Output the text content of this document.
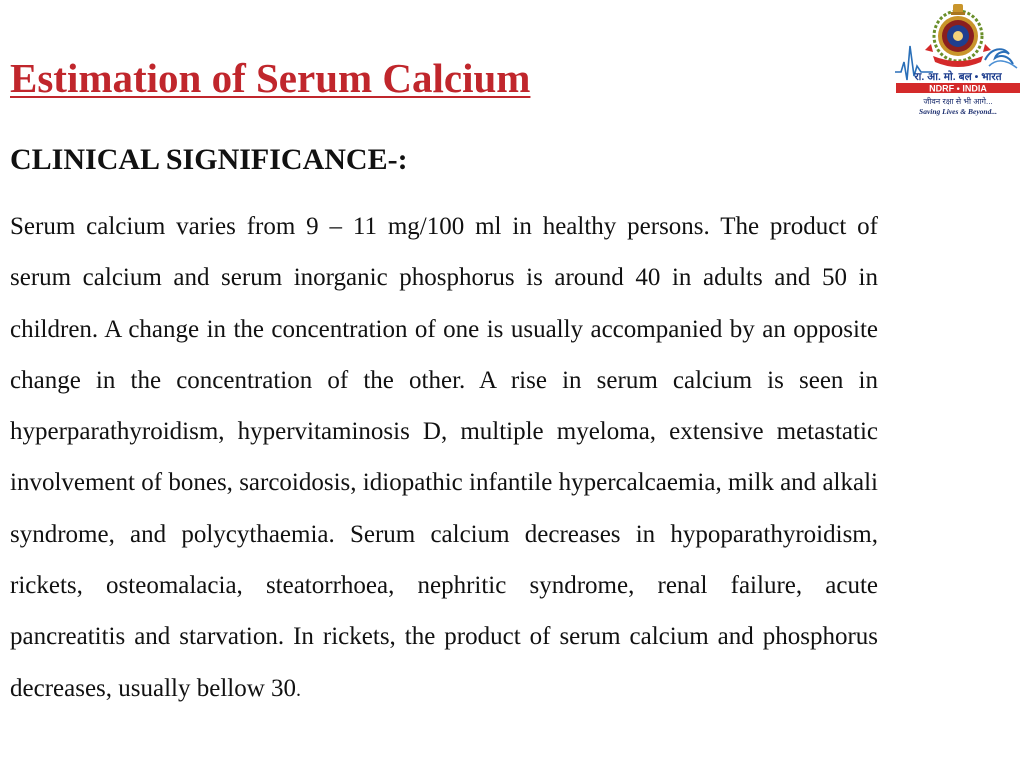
Estimation of Serum Calcium
CLINICAL SIGNIFICANCE-:

Serum calcium varies from 9 – 11 mg/100 ml in healthy persons. The product of serum calcium and serum inorganic phosphorus is around 40 in adults and 50 in children. A change in the concentration of one is usually accompanied by an opposite change in the concentration of the other. A rise in serum calcium is seen in hyperparathyroidism, hypervitaminosis D, multiple myeloma, extensive metastatic involvement of bones, sarcoidosis, idiopathic infantile hypercalcaemia, milk and alkali syndrome, and polycythaemia. Serum calcium decreases in hypoparathyroidism, rickets, osteomalacia, steatorrhoea, nephritic syndrome, renal failure, acute pancreatitis and starvation. In rickets, the product of serum calcium and phosphorus decreases, usually bellow 30.

रा. आ. मो. बल • भारत
NDRF • INDIA
जीवन रक्षा से भी आगे...
Saving Lives & Beyond...
